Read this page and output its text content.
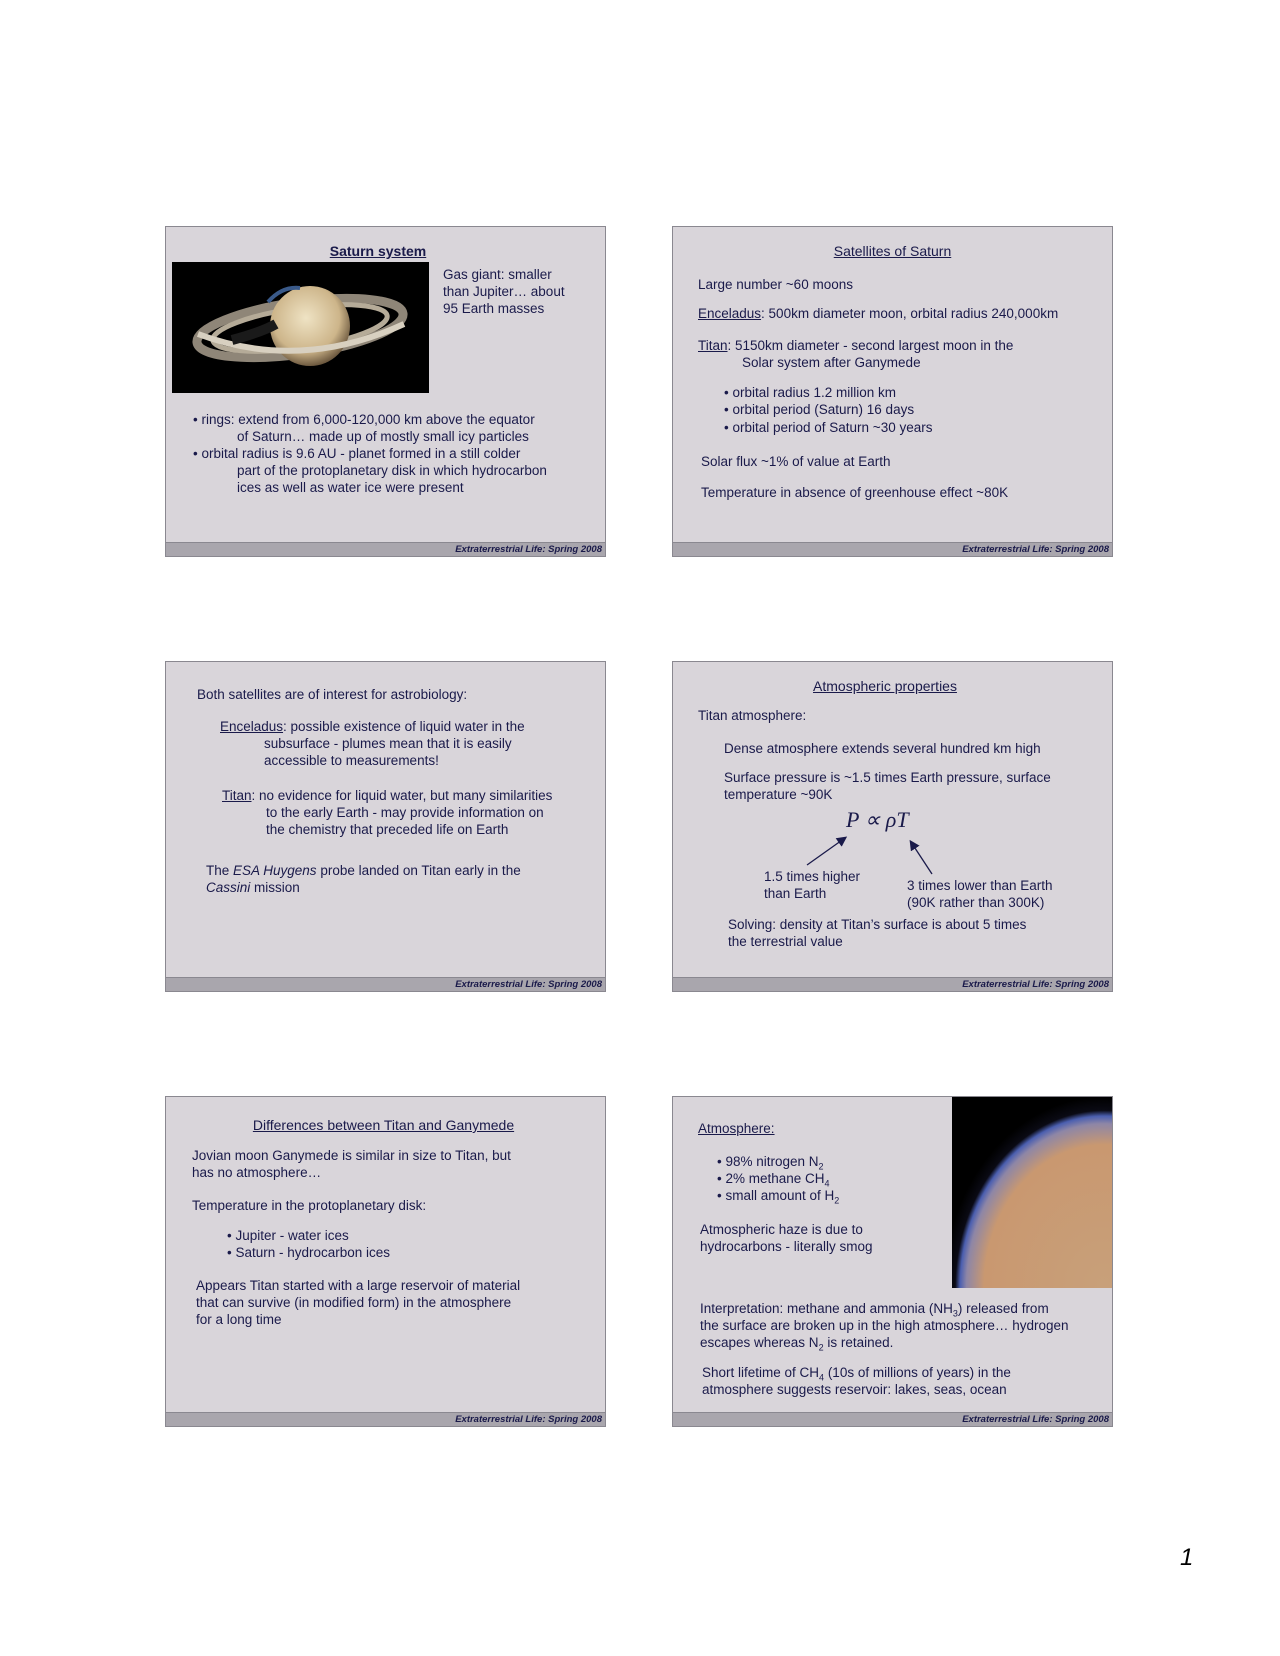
Saturn system
Gas giant: smaller
than Jupiter… about
95 Earth masses
• rings: extend from 6,000-120,000 km above the equator
of Saturn… made up of mostly small icy particles
• orbital radius is 9.6 AU - planet formed in a still colder
part of the protoplanetary disk in which hydrocarbon
ices as well as water ice were present
Extraterrestrial Life: Spring 2008
Satellites of Saturn
Large number ~60 moons
Enceladus: 500km diameter moon, orbital radius 240,000km
Titan: 5150km diameter - second largest moon in the
Solar system after Ganymede
• orbital radius 1.2 million km
• orbital period (Saturn) 16 days
• orbital period of Saturn ~30 years
Solar flux ~1% of value at Earth
Temperature in absence of greenhouse effect ~80K
Extraterrestrial Life: Spring 2008
Both satellites are of interest for astrobiology:
Enceladus: possible existence of liquid water in the
subsurface - plumes mean that it is easily
accessible to measurements!
Titan: no evidence for liquid water, but many similarities
to the early Earth - may provide information on
the chemistry that preceded life on Earth
The ESA Huygens probe landed on Titan early in the
Cassini mission
Extraterrestrial Life: Spring 2008
Atmospheric properties
Titan atmosphere:
Dense atmosphere extends several hundred km high
Surface pressure is ~1.5 times Earth pressure, surface
temperature ~90K
P ∝ ρT
1.5 times higher
than Earth
3 times lower than Earth
(90K rather than 300K)
Solving: density at Titan’s surface is about 5 times
the terrestrial value
Extraterrestrial Life: Spring 2008
Differences between Titan and Ganymede
Jovian moon Ganymede is similar in size to Titan, but
has no atmosphere…
Temperature in the protoplanetary disk:
• Jupiter - water ices
• Saturn - hydrocarbon ices
Appears Titan started with a large reservoir of material
that can survive (in modified form) in the atmosphere
for a long time
Extraterrestrial Life: Spring 2008
Atmosphere:
• 98% nitrogen $N_2$
• 2% methane $CH_4$
• small amount of $H_2$
Atmospheric haze is due to
hydrocarbons - literally smog
Interpretation: methane and ammonia $(NH_3)$ released from
the surface are broken up in the high atmosphere… hydrogen
escapes whereas $N_2$ is retained.
Short lifetime of $CH_4$ (10s of millions of years) in the
atmosphere suggests reservoir: lakes, seas, ocean
Extraterrestrial Life: Spring 2008
1
